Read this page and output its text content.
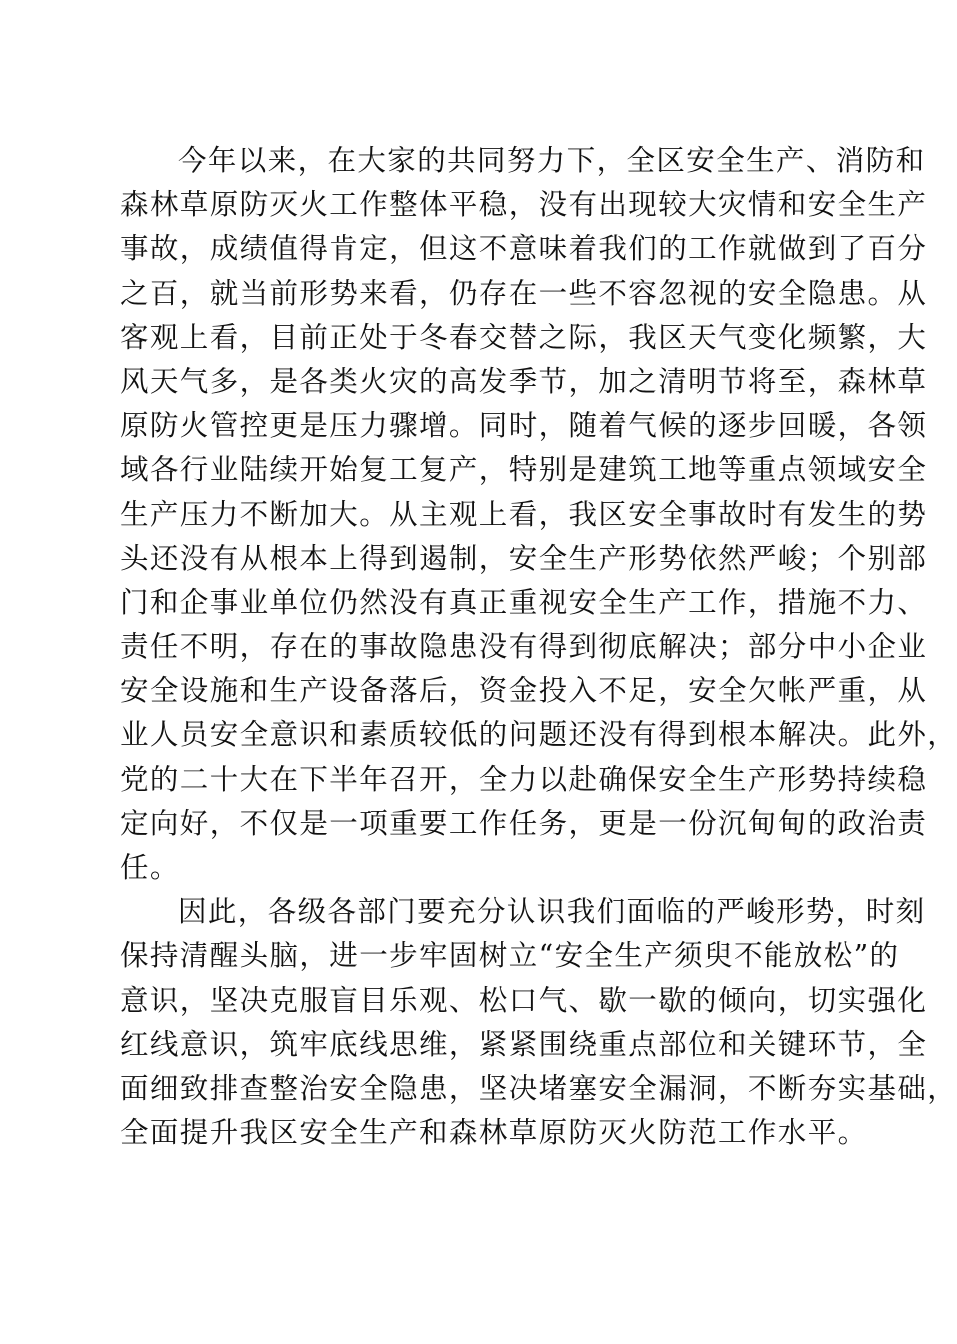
今年以来，在大家的共同努力下，全区安全生产、消防和
森林草原防灭火工作整体平稳，没有出现较大灾情和安全生产
事故，成绩值得肯定，但这不意味着我们的工作就做到了百分
之百，就当前形势来看，仍存在一些不容忽视的安全隐患。从
客观上看，目前正处于冬春交替之际，我区天气变化频繁，大
风天气多，是各类火灾的高发季节，加之清明节将至，森林草
原防火管控更是压力骤增。同时，随着气候的逐步回暖，各领
域各行业陆续开始复工复产，特别是建筑工地等重点领域安全
生产压力不断加大。从主观上看，我区安全事故时有发生的势
头还没有从根本上得到遏制，安全生产形势依然严峻；个别部
门和企事业单位仍然没有真正重视安全生产工作，措施不力、
责任不明，存在的事故隐患没有得到彻底解决；部分中小企业
安全设施和生产设备落后，资金投入不足，安全欠帐严重，从
业人员安全意识和素质较低的问题还没有得到根本解决。此外，
党的二十大在下半年召开，全力以赴确保安全生产形势持续稳
定向好，不仅是一项重要工作任务，更是一份沉甸甸的政治责
任。

因此，各级各部门要充分认识我们面临的严峻形势，时刻
保持清醒头脑，进一步牢固树立“安全生产须臾不能放松”的
意识，坚决克服盲目乐观、松口气、歇一歇的倾向，切实强化
红线意识，筑牢底线思维，紧紧围绕重点部位和关键环节，全
面细致排查整治安全隐患，坚决堵塞安全漏洞，不断夯实基础，
全面提升我区安全生产和森林草原防灭火防范工作水平。
